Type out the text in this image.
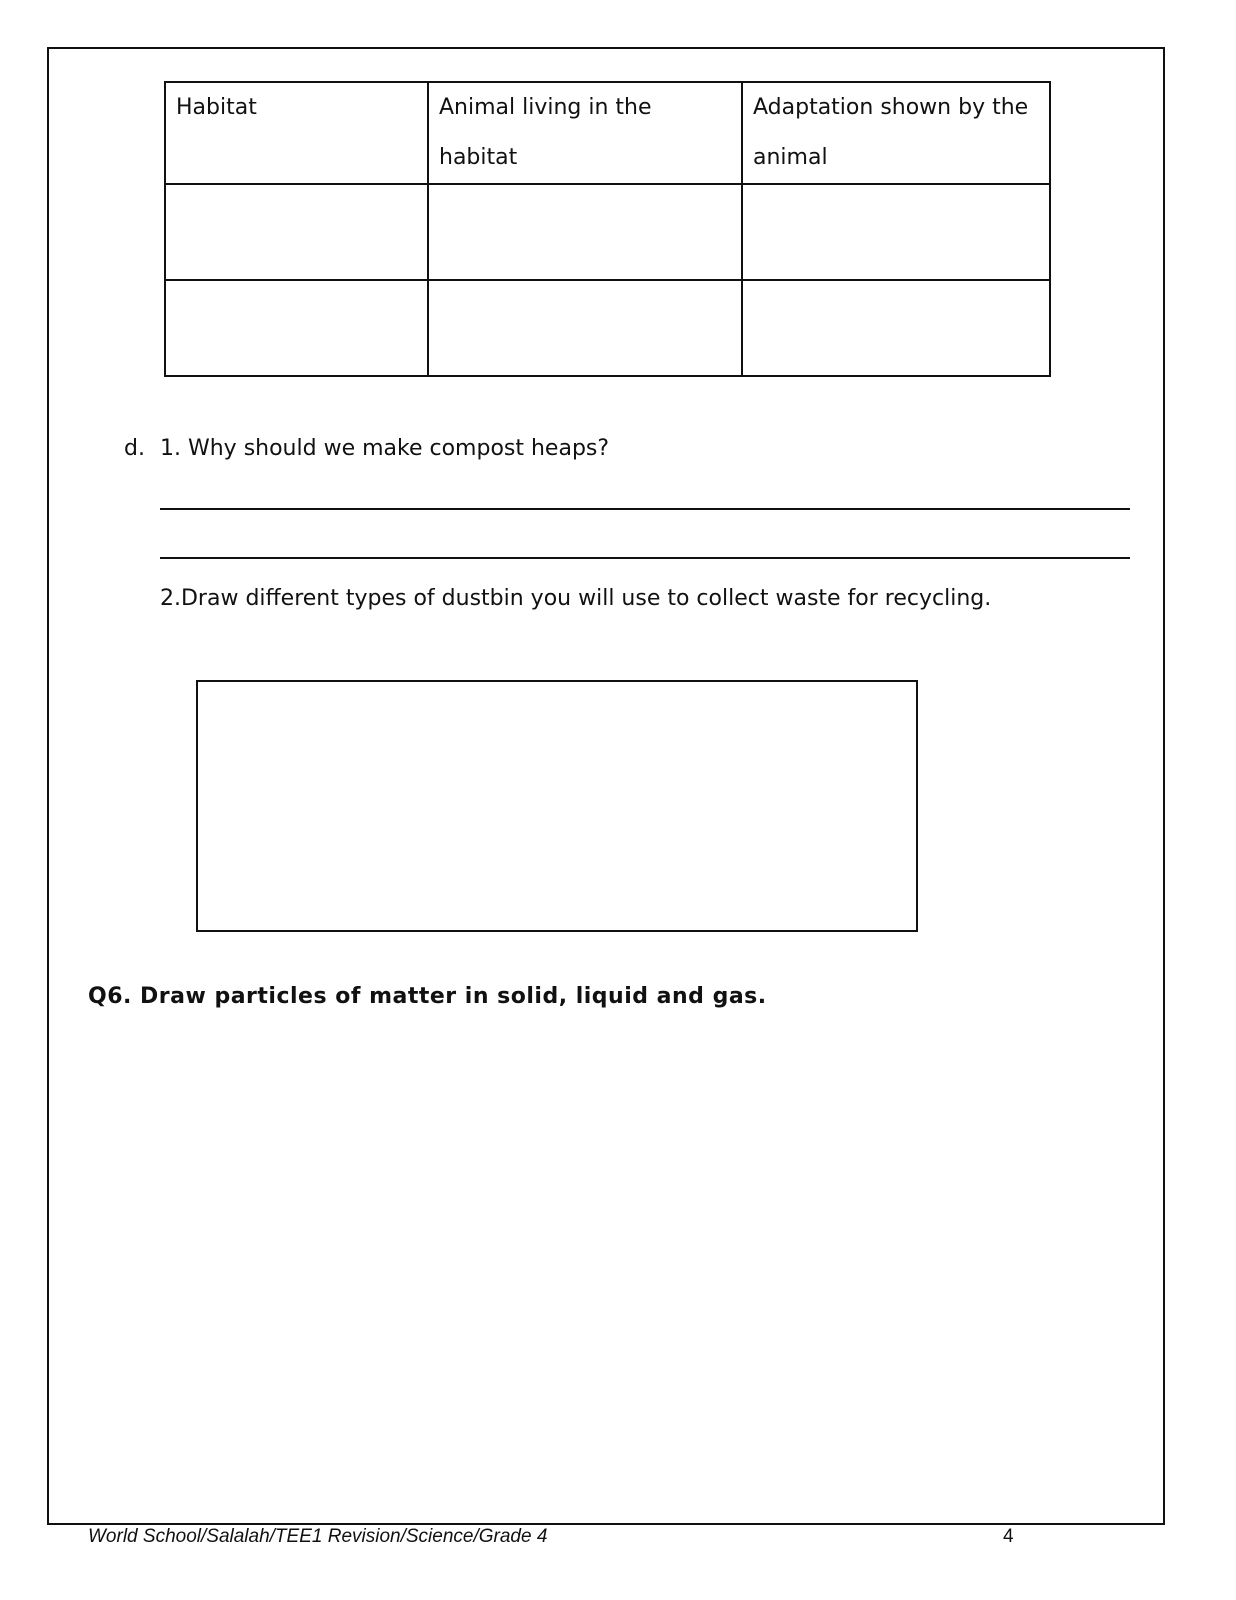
Habitat	Animal living in the habitat	Adaptation shown by the animal

d. 1. Why should we make compost heaps?
2.Draw different types of dustbin you will use to collect waste for recycling.
Q6. Draw particles of matter in solid, liquid and gas.
World School/Salalah/TEE1 Revision/Science/Grade 4	4
